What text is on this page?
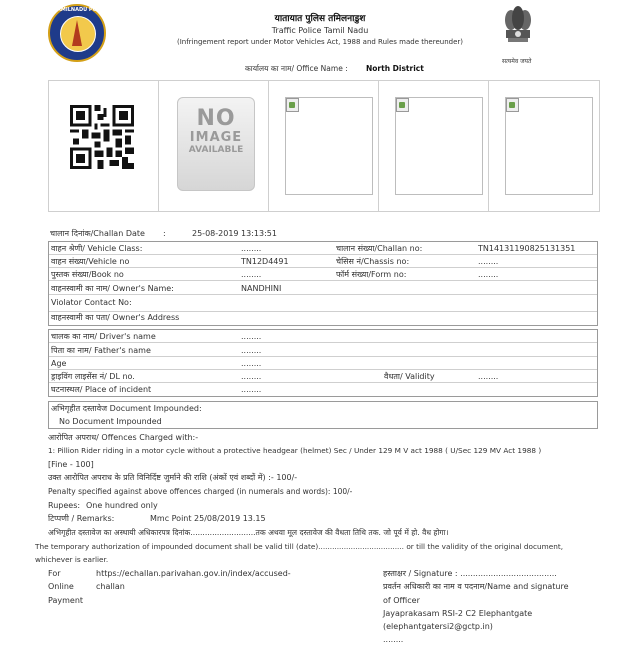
TAMILNADU POLICE
सत्यमेव जयते
यातायात पुलिस तमिलनाडुश
Traffic Police Tamil Nadu
(Infringement report under Motor Vehicles Act, 1988 and Rules made thereunder)
कार्यालय का नाम/ Office Name : North District
NO
IMAGE
AVAILABLE
चालान दिनांक/Challan Date :	25-08-2019 13:13:51
वाहन श्रेणी/ Vehicle Class:	........	चालान संख्या/Challan no:	TN14131190825131351
वाहन संख्या/Vehicle no	TN12D4491	चेसिस नं/Chassis no:	........
पुस्तक संख्या/Book no	........	फॉर्म संख्या/Form no:	........
वाहनस्वामी का नाम/ Owner's Name:	NANDHINI
Violator Contact No:
वाहनस्वामी का पता/ Owner's Address
चालक का नाम/ Driver's name	........
पिता का नाम/ Father's name	........
Age	........
ड्राइविंग लाइसेंस नं/ DL no.	........	वैधता/ Validity	........
घटनास्थल/ Place of incident	........
अभिगृहीत दस्तावेज Document Impounded:
No Document Impounded
आरोपित अपराध/ Offences Charged with:-
1: Pillion Rider riding in a motor cycle without a protective headgear (helmet) Sec / Under 129 M V act 1988 ( U/Sec 129 MV Act 1988 )
[Fine - 100]
उक्त आरोपित अपराध के प्रति विनिर्दिष्ट जुर्माने की राशि (अंकों एवं शब्दों में) :- 100/-
Penalty specified against above offences charged (in numerals and words): 100/-
Rupees: One hundred only
टिप्पणी / Remarks:	Mmc Point 25/08/2019 13.15
अभिगृहीत दस्तावेज का अस्थायी अधिकारपत्र दिनांक...........................तक अथवा मूल दस्तावेज की वैधता तिथि तक. जो पूर्व में हो. वैध होगा।
The temporary authorization of impounded document shall be valid till (date)..................................... or till the validity of the original document,
whichever is earlier.
For
Online
Payment
https://echallan.parivahan.gov.in/index/accused-
challan
हस्ताक्षर / Signature : ......................................
प्रवर्तन अधिकारी का नाम व पदनाम/Name and signature
of Officer
Jayaprakasam RSI-2 C2 Elephantgate
(elephantgatersi2@gctp.in)
........
